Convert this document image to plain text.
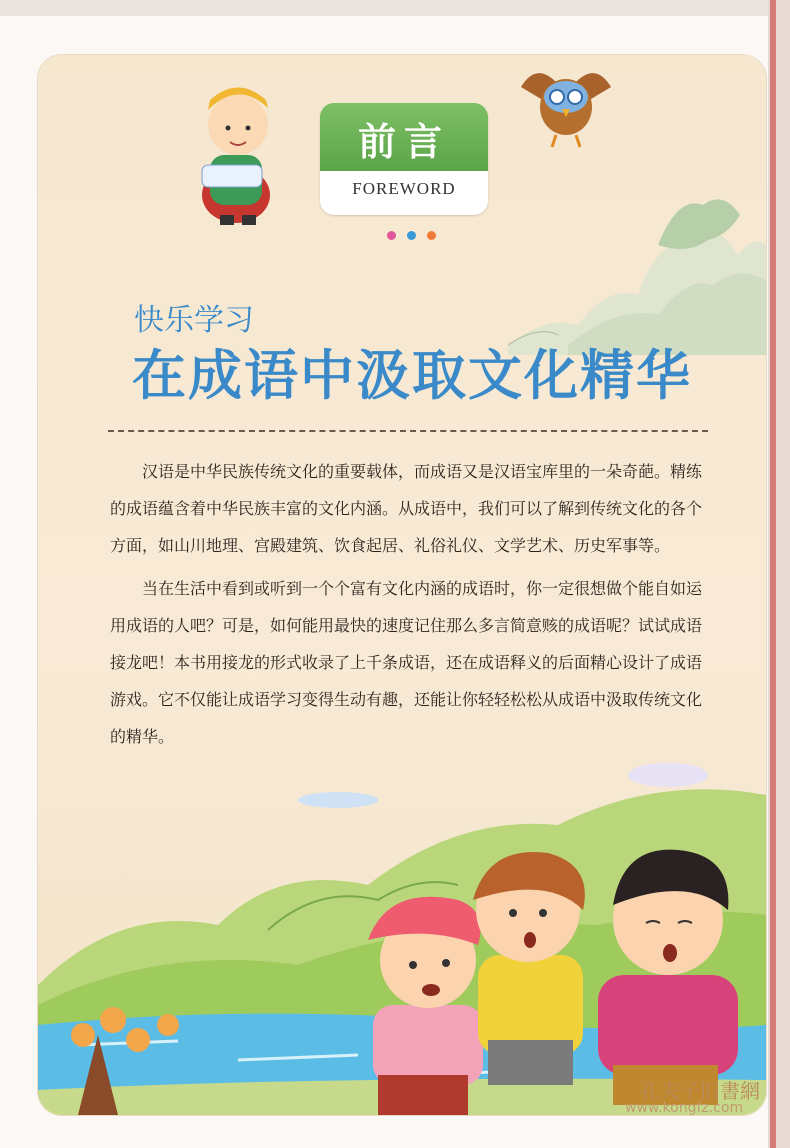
前言
FOREWORD

快乐学习
在成语中汲取文化精华

汉语是中华民族传统文化的重要载体，而成语又是汉语宝库里的一朵奇葩。精练的成语蕴含着中华民族丰富的文化内涵。从成语中，我们可以了解到传统文化的各个方面，如山川地理、宫殿建筑、饮食起居、礼俗礼仪、文学艺术、历史军事等。

当在生活中看到或听到一个个富有文化内涵的成语时，你一定很想做个能自如运用成语的人吧？可是，如何能用最快的速度记住那么多言简意赅的成语呢？试试成语接龙吧！本书用接龙的形式收录了上千条成语，还在成语释义的后面精心设计了成语游戏。它不仅能让成语学习变得生动有趣，还能让你轻轻松松从成语中汲取传统文化的精华。

孔夫子旧書網
www.kongfz.com
